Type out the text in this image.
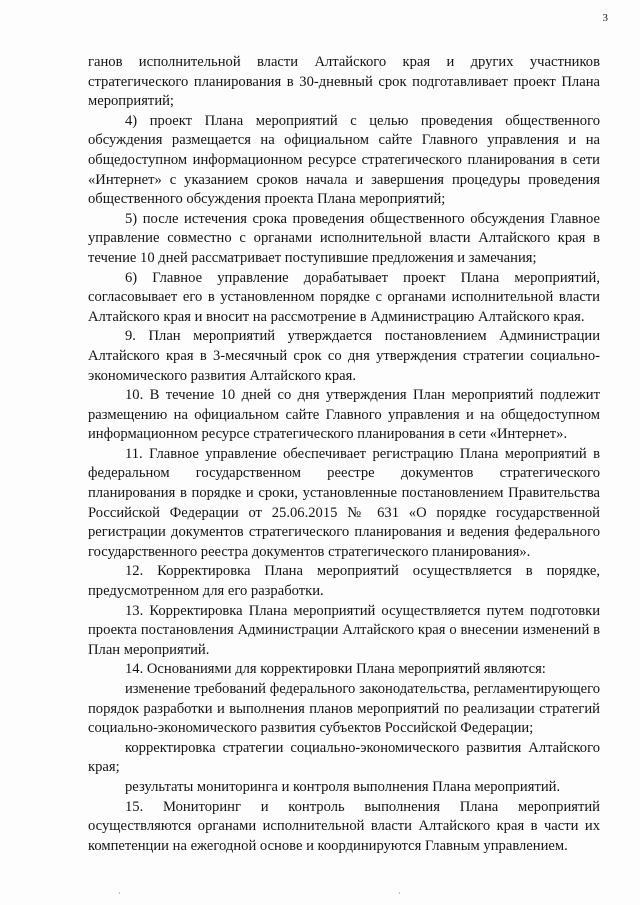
3

ганов исполнительной власти Алтайского края и других участников стратегического планирования в 30-дневный срок подготавливает проект Плана мероприятий;

4) проект Плана мероприятий с целью проведения общественного обсуждения размещается на официальном сайте Главного управления и на общедоступном информационном ресурсе стратегического планирования в сети «Интернет» с указанием сроков начала и завершения процедуры проведения общественного обсуждения проекта Плана мероприятий;

5) после истечения срока проведения общественного обсуждения Главное управление совместно с органами исполнительной власти Алтайского края в течение 10 дней рассматривает поступившие предложения и замечания;

6) Главное управление дорабатывает проект Плана мероприятий, согласовывает его в установленном порядке с органами исполнительной власти Алтайского края и вносит на рассмотрение в Администрацию Алтайского края.

9. План мероприятий утверждается постановлением Администрации Алтайского края в 3-месячный срок со дня утверждения стратегии социально-экономического развития Алтайского края.

10. В течение 10 дней со дня утверждения План мероприятий подлежит размещению на официальном сайте Главного управления и на общедоступном информационном ресурсе стратегического планирования в сети «Интернет».

11. Главное управление обеспечивает регистрацию Плана мероприятий в федеральном государственном реестре документов стратегического планирования в порядке и сроки, установленные постановлением Правительства Российской Федерации от 25.06.2015 № 631 «О порядке государственной регистрации документов стратегического планирования и ведения федерального государственного реестра документов стратегического планирования».

12. Корректировка Плана мероприятий осуществляется в порядке, предусмотренном для его разработки.

13. Корректировка Плана мероприятий осуществляется путем подготовки проекта постановления Администрации Алтайского края о внесении изменений в План мероприятий.

14. Основаниями для корректировки Плана мероприятий являются:

изменение требований федерального законодательства, регламентирующего порядок разработки и выполнения планов мероприятий по реализации стратегий социально-экономического развития субъектов Российской Федерации;

корректировка стратегии социально-экономического развития Алтайского края;

результаты мониторинга и контроля выполнения Плана мероприятий.

15. Мониторинг и контроль выполнения Плана мероприятий осуществляются органами исполнительной власти Алтайского края в части их компетенции на ежегодной основе и координируются Главным управлением.

·	·
